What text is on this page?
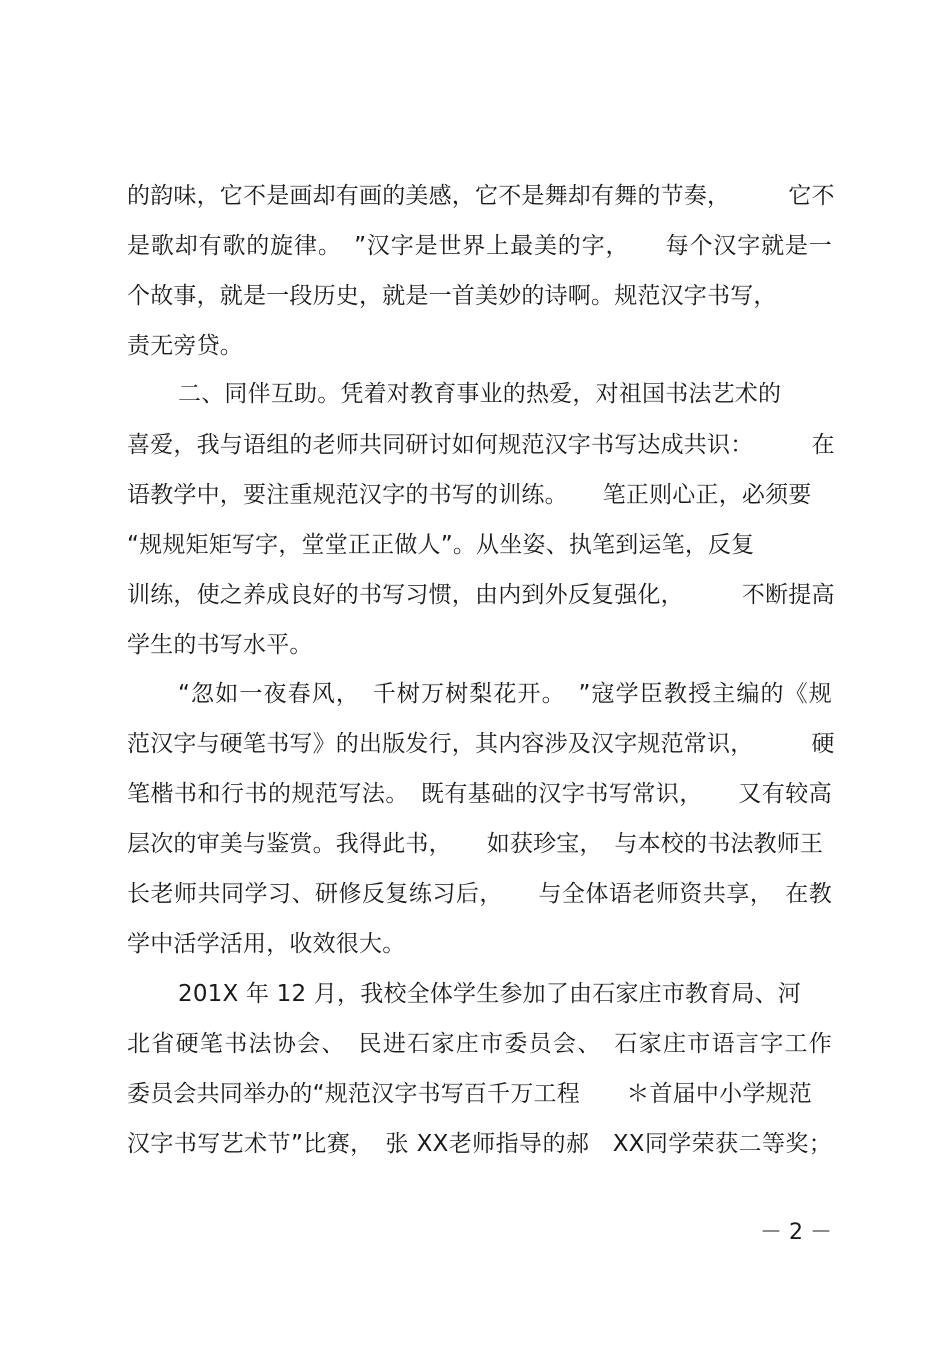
的韵味，它不是画却有画的美感，它不是舞却有舞的节奏，　　　它不
是歌却有歌的旋律。　”汉字是世界上最美的字，　　每个汉字就是一
个故事，就是一段历史，就是一首美妙的诗啊。规范汉字书写，
责无旁贷。
二、同伴互助。凭着对教育事业的热爱，对祖国书法艺术的
喜爱，我与语组的老师共同研讨如何规范汉字书写达成共识：　　　在
语教学中，要注重规范汉字的书写的训练。　　笔正则心正，必须要
“规规矩矩写字，堂堂正正做人”。从坐姿、执笔到运笔，反复
训练，使之养成良好的书写习惯，由内到外反复强化，　　　不断提高
学生的书写水平。
“忽如一夜春风，　千树万树梨花开。　”寇学臣教授主编的《规
范汉字与硬笔书写》的出版发行，其内容涉及汉字规范常识，　　　硬
笔楷书和行书的规范写法。　既有基础的汉字书写常识，　　又有较高
层次的审美与鉴赏。我得此书，　　如获珍宝，　与本校的书法教师王
长老师共同学习、研修反复练习后，　　与全体语老师资共享，　在教
学中活学活用，收效很大。
201X 年 12 月，我校全体学生参加了由石家庄市教育局、河
北省硬笔书法协会、　民进石家庄市委员会、　石家庄市语言字工作
委员会共同举办的“规范汉字书写百千万工程　　＊首届中小学规范
汉字书写艺术节”比赛，　张 XX老师指导的郝　XX同学荣获二等奖；
－ 2 －
